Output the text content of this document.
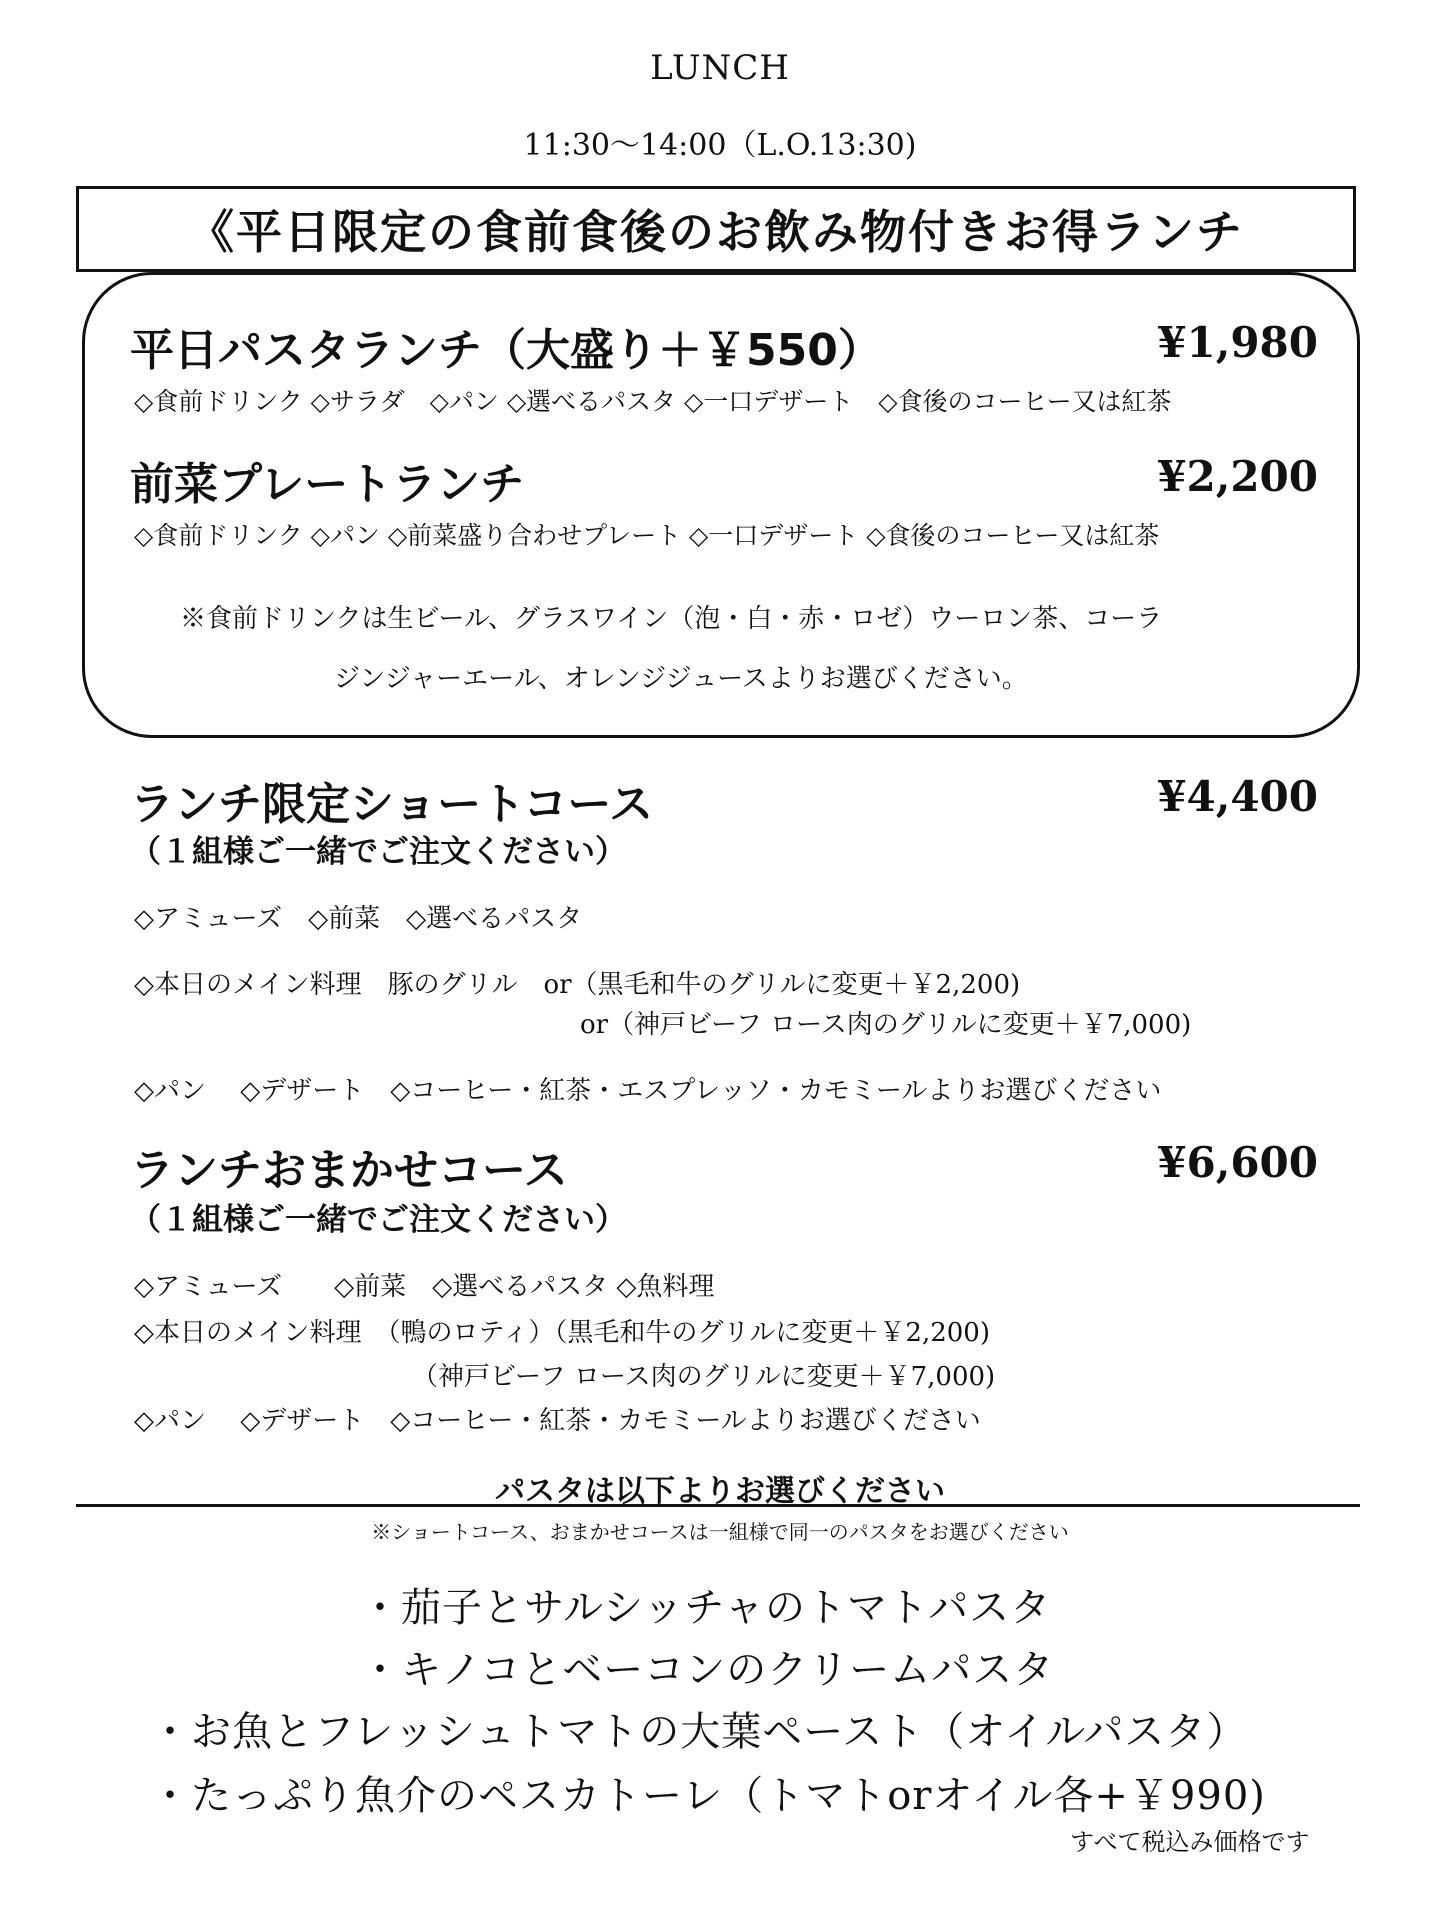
LUNCH
11:30～14:00（L.O.13:30)
《平日限定の食前食後のお飲み物付きお得ランチ
平日パスタランチ（大盛り＋￥550）	¥1,980
◇食前ドリンク ◇サラダ　◇パン ◇選べるパスタ ◇一口デザート　◇食後のコーヒー又は紅茶
前菜プレートランチ	¥2,200
◇食前ドリンク ◇パン ◇前菜盛り合わせプレート ◇一口デザート ◇食後のコーヒー又は紅茶
※食前ドリンクは生ビール、グラスワイン（泡・白・赤・ロゼ）ウーロン茶、コーラ
ジンジャーエール、オレンジジュースよりお選びください。
ランチ限定ショートコース	¥4,400
（１組様ご一緒でご注文ください）
◇アミューズ　◇前菜　◇選べるパスタ
◇本日のメイン料理　豚のグリル　or（黒毛和牛のグリルに変更＋￥2,200)
or（神戸ビーフ ロース肉のグリルに変更＋￥7,000)
◇パン　 ◇デザート　◇コーヒー・紅茶・エスプレッソ・カモミールよりお選びください
ランチおまかせコース	¥6,600
（１組様ご一緒でご注文ください）
◇アミューズ　　◇前菜　◇選べるパスタ ◇魚料理
◇本日のメイン料理　（鴨のロティ）（黒毛和牛のグリルに変更＋￥2,200)
（神戸ビーフ ロース肉のグリルに変更＋￥7,000)
◇パン　 ◇デザート　◇コーヒー・紅茶・カモミールよりお選びください
パスタは以下よりお選びください
※ショートコース、おまかせコースは一組様で同一のパスタをお選びください
・茄子とサルシッチャのトマトパスタ
・キノコとベーコンのクリームパスタ
・お魚とフレッシュトマトの大葉ペースト（オイルパスタ）
・たっぷり魚介のペスカトーレ（トマトorオイル各+￥990)
すべて税込み価格です
